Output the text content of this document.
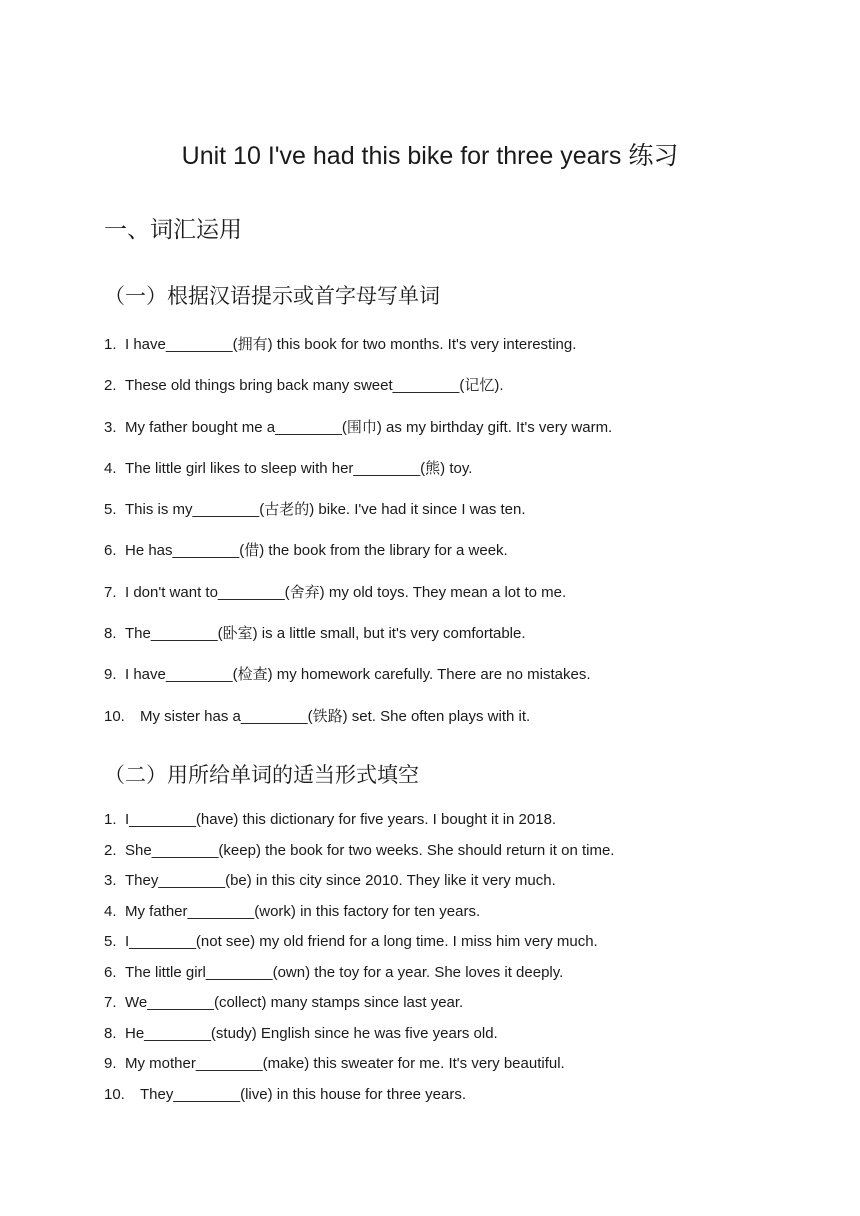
Unit 10 I've had this bike for three years 练习
一、词汇运用
（一）根据汉语提示或首字母写单词
1. I have________(拥有) this book for two months. It's very interesting.
2. These old things bring back many sweet________(记忆).
3. My father bought me a________(围巾) as my birthday gift. It's very warm.
4. The little girl likes to sleep with her________(熊) toy.
5. This is my________(古老的) bike. I've had it since I was ten.
6. He has________(借) the book from the library for a week.
7. I don't want to________(舍弃) my old toys. They mean a lot to me.
8. The________(卧室) is a little small, but it's very comfortable.
9. I have________(检查) my homework carefully. There are no mistakes.
10. My sister has a________(铁路) set. She often plays with it.
（二）用所给单词的适当形式填空
1. I________(have) this dictionary for five years. I bought it in 2018.
2. She________(keep) the book for two weeks. She should return it on time.
3. They________(be) in this city since 2010. They like it very much.
4. My father________(work) in this factory for ten years.
5. I________(not see) my old friend for a long time. I miss him very much.
6. The little girl________(own) the toy for a year. She loves it deeply.
7. We________(collect) many stamps since last year.
8. He________(study) English since he was five years old.
9. My mother________(make) this sweater for me. It's very beautiful.
10. They________(live) in this house for three years.
